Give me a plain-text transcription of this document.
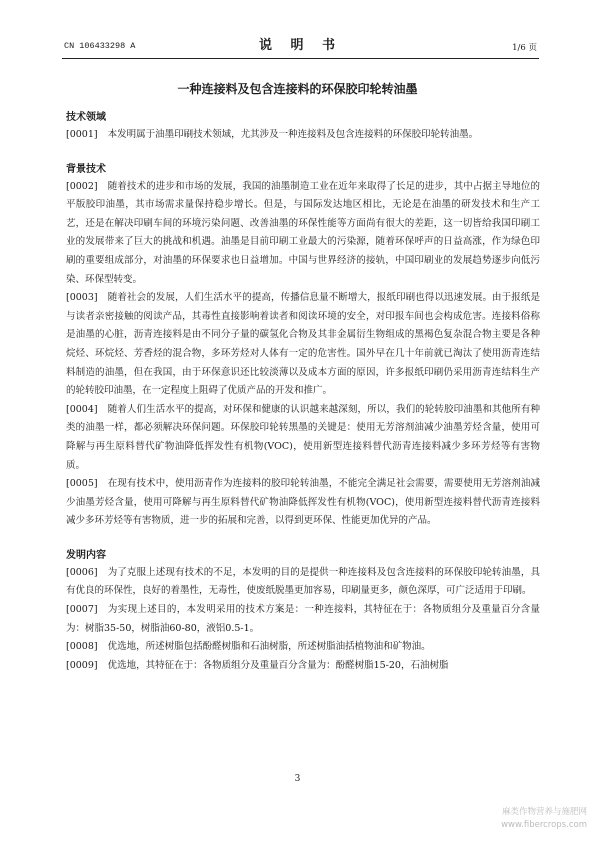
CN 106433298 A	说 明 书	1/6 页
一种连接料及包含连接料的环保胶印轮转油墨
技术领域
[0001] 本发明属于油墨印刷技术领域，尤其涉及一种连接料及包含连接料的环保胶印轮转油墨。
背景技术
[0002] 随着技术的进步和市场的发展，我国的油墨制造工业在近年来取得了长足的进步，其中占据主导地位的平版胶印油墨，其市场需求量保持稳步增长。但是，与国际发达地区相比，无论是在油墨的研发技术和生产工艺，还是在解决印刷车间的环境污染问题、改善油墨的环保性能等方面尚有很大的差距，这一切皆给我国印刷工业的发展带来了巨大的挑战和机遇。油墨是目前印刷工业最大的污染源，随着环保呼声的日益高涨，作为绿色印刷的重要组成部分，对油墨的环保要求也日益增加。中国与世界经济的接轨，中国印刷业的发展趋势逐步向低污染、环保型转变。
[0003] 随着社会的发展，人们生活水平的提高，传播信息量不断增大，报纸印刷也得以迅速发展。由于报纸是与读者亲密接触的阅读产品，其毒性直接影响着读者和阅读环境的安全，对印报车间也会构成危害。连接料俗称是油墨的心脏，沥青连接料是由不同分子量的碳氢化合物及其非金属衍生物组成的黑褐色复杂混合物主要是各种烷烃、环烷烃、芳香烃的混合物，多环芳烃对人体有一定的危害性。国外早在几十年前就已淘汰了使用沥青连结料制造的油墨，但在我国，由于环保意识还比较淡薄以及成本方面的原因，许多报纸印刷仍采用沥青连结料生产的轮转胶印油墨，在一定程度上阻碍了优质产品的开发和推广。
[0004] 随着人们生活水平的提高，对环保和健康的认识越来越深刻，所以，我们的轮转胶印油墨和其他所有种类的油墨一样，都必须解决环保问题。环保胶印轮转黑墨的关键是：使用无芳溶剂油减少油墨芳烃含量，使用可降解与再生原料替代矿物油降低挥发性有机物(VOC)，使用新型连接料替代沥青连接料减少多环芳烃等有害物质。
[0005] 在现有技术中，使用沥青作为连接料的胶印轮转油墨，不能完全满足社会需要，需要使用无芳溶剂油减少油墨芳烃含量，使用可降解与再生原料替代矿物油降低挥发性有机物(VOC)，使用新型连接料替代沥青连接料减少多环芳烃等有害物质，进一步的拓展和完善，以得到更环保、性能更加优异的产品。
发明内容
[0006] 为了克服上述现有技术的不足，本发明的目的是提供一种连接料及包含连接料的环保胶印轮转油墨，具有优良的环保性，良好的着墨性，无毒性，使废纸脱墨更加容易，印刷量更多，颜色深厚，可广泛适用于印刷。
[0007] 为实现上述目的，本发明采用的技术方案是：一种连接料，其特征在于：各物质组分及重量百分含量为：树脂35-50，树脂油60-80，液铝0.5-1。
[0008] 优选地，所述树脂包括酚醛树脂和石油树脂，所述树脂油括植物油和矿物油。
[0009] 优选地，其特征在于：各物质组分及重量百分含量为：酚醛树脂15-20，石油树脂
3
麻类作物营养与施肥网
www.fibercrops.com
